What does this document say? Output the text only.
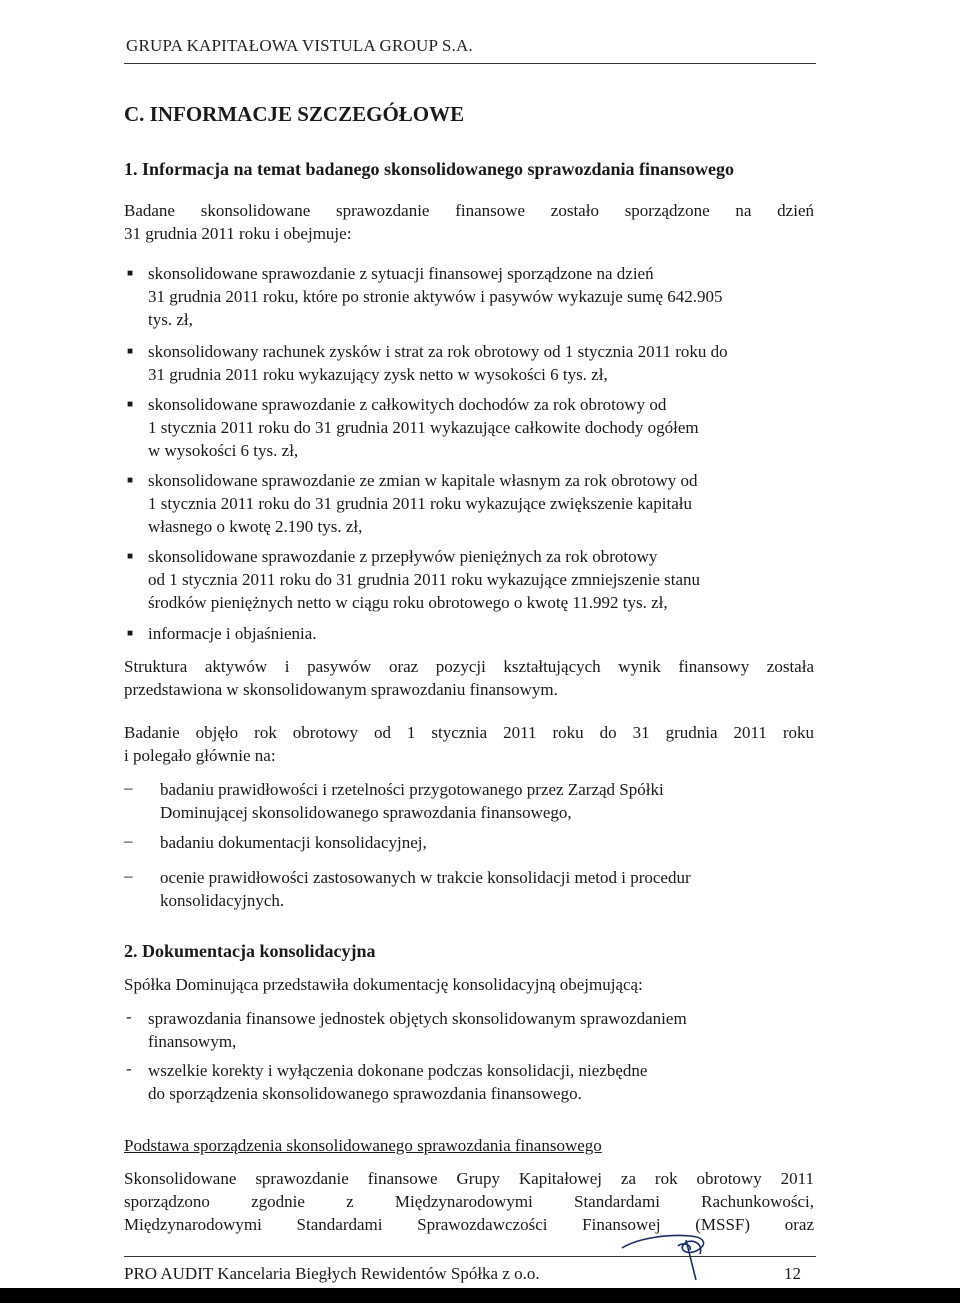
GRUPA KAPITAŁOWA VISTULA GROUP S.A.
C. INFORMACJE SZCZEGÓŁOWE
1. Informacja na temat badanego skonsolidowanego sprawozdania finansowego
Badane skonsolidowane sprawozdanie finansowe zostało sporządzone na dzień
31 grudnia 2011 roku i obejmuje:
■ skonsolidowane sprawozdanie z sytuacji finansowej sporządzone na dzień
31 grudnia 2011 roku, które po stronie aktywów i pasywów wykazuje sumę 642.905
tys. zł,
■ skonsolidowany rachunek zysków i strat za rok obrotowy od 1 stycznia 2011 roku do
31 grudnia 2011 roku wykazujący zysk netto w wysokości 6 tys. zł,
■ skonsolidowane sprawozdanie z całkowitych dochodów za rok obrotowy od
1 stycznia 2011 roku do 31 grudnia 2011 wykazujące całkowite dochody ogółem
w wysokości 6 tys. zł,
■ skonsolidowane sprawozdanie ze zmian w kapitale własnym za rok obrotowy od
1 stycznia 2011 roku do 31 grudnia 2011 roku wykazujące zwiększenie kapitału
własnego o kwotę 2.190 tys. zł,
■ skonsolidowane sprawozdanie z przepływów pieniężnych za rok obrotowy
od 1 stycznia 2011 roku do 31 grudnia 2011 roku wykazujące zmniejszenie stanu
środków pieniężnych netto w ciągu roku obrotowego o kwotę 11.992 tys. zł,
■ informacje i objaśnienia.
Struktura aktywów i pasywów oraz pozycji kształtujących wynik finansowy została
przedstawiona w skonsolidowanym sprawozdaniu finansowym.
Badanie objęło rok obrotowy od 1 stycznia 2011 roku do 31 grudnia 2011 roku
i polegało głównie na:
– badaniu prawidłowości i rzetelności przygotowanego przez Zarząd Spółki
Dominującej skonsolidowanego sprawozdania finansowego,
– badaniu dokumentacji konsolidacyjnej,
– ocenie prawidłowości zastosowanych w trakcie konsolidacji metod i procedur
konsolidacyjnych.
2. Dokumentacja konsolidacyjna
Spółka Dominująca przedstawiła dokumentację konsolidacyjną obejmującą:
- sprawozdania finansowe jednostek objętych skonsolidowanym sprawozdaniem
finansowym,
- wszelkie korekty i wyłączenia dokonane podczas konsolidacji, niezbędne
do sporządzenia skonsolidowanego sprawozdania finansowego.
Podstawa sporządzenia skonsolidowanego sprawozdania finansowego
Skonsolidowane sprawozdanie finansowe Grupy Kapitałowej za rok obrotowy 2011
sporządzono zgodnie z Międzynarodowymi Standardami Rachunkowości,
Międzynarodowymi Standardami Sprawozdawczości Finansowej (MSSF) oraz
PRO AUDIT Kancelaria Biegłych Rewidentów Spółka z o.o.	12
